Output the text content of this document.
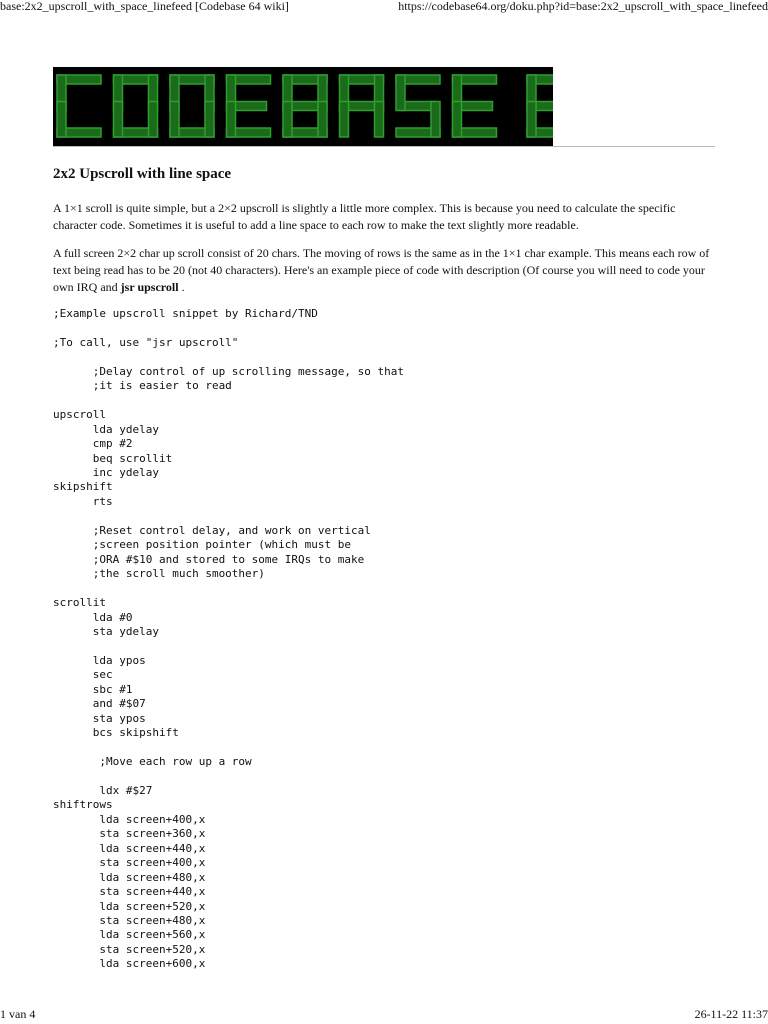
base:2x2_upscroll_with_space_linefeed [Codebase 64 wiki]	https://codebase64.org/doku.php?id=base:2x2_upscroll_with_space_linefeed
2x2 Upscroll with line space

A 1×1 scroll is quite simple, but a 2×2 upscroll is slightly a little more complex. This is because you need to calculate the specific character code. Sometimes it is useful to add a line space to each row to make the text slightly more readable.

A full screen 2×2 char up scroll consist of 20 chars. The moving of rows is the same as in the 1×1 char example. This means each row of text being read has to be 20 (not 40 characters). Here's an example piece of code with description (Of course you will need to code your own IRQ and jsr upscroll .

;Example upscroll snippet by Richard/TND

;To call, use "jsr upscroll"

;Delay control of up scrolling message, so that
;it is easier to read

upscroll
lda ydelay
cmp #2
beq scrollit
inc ydelay
skipshift
rts

;Reset control delay, and work on vertical
;screen position pointer (which must be
;ORA #$10 and stored to some IRQs to make
;the scroll much smoother)

scrollit
lda #0
sta ydelay

lda ypos
sec
sbc #1
and #$07
sta ypos
bcs skipshift

;Move each row up a row

ldx #$27
shiftrows
lda screen+400,x
sta screen+360,x
lda screen+440,x
sta screen+400,x
lda screen+480,x
sta screen+440,x
lda screen+520,x
sta screen+480,x
lda screen+560,x
sta screen+520,x
lda screen+600,x
1 van 4	26-11-22 11:37
